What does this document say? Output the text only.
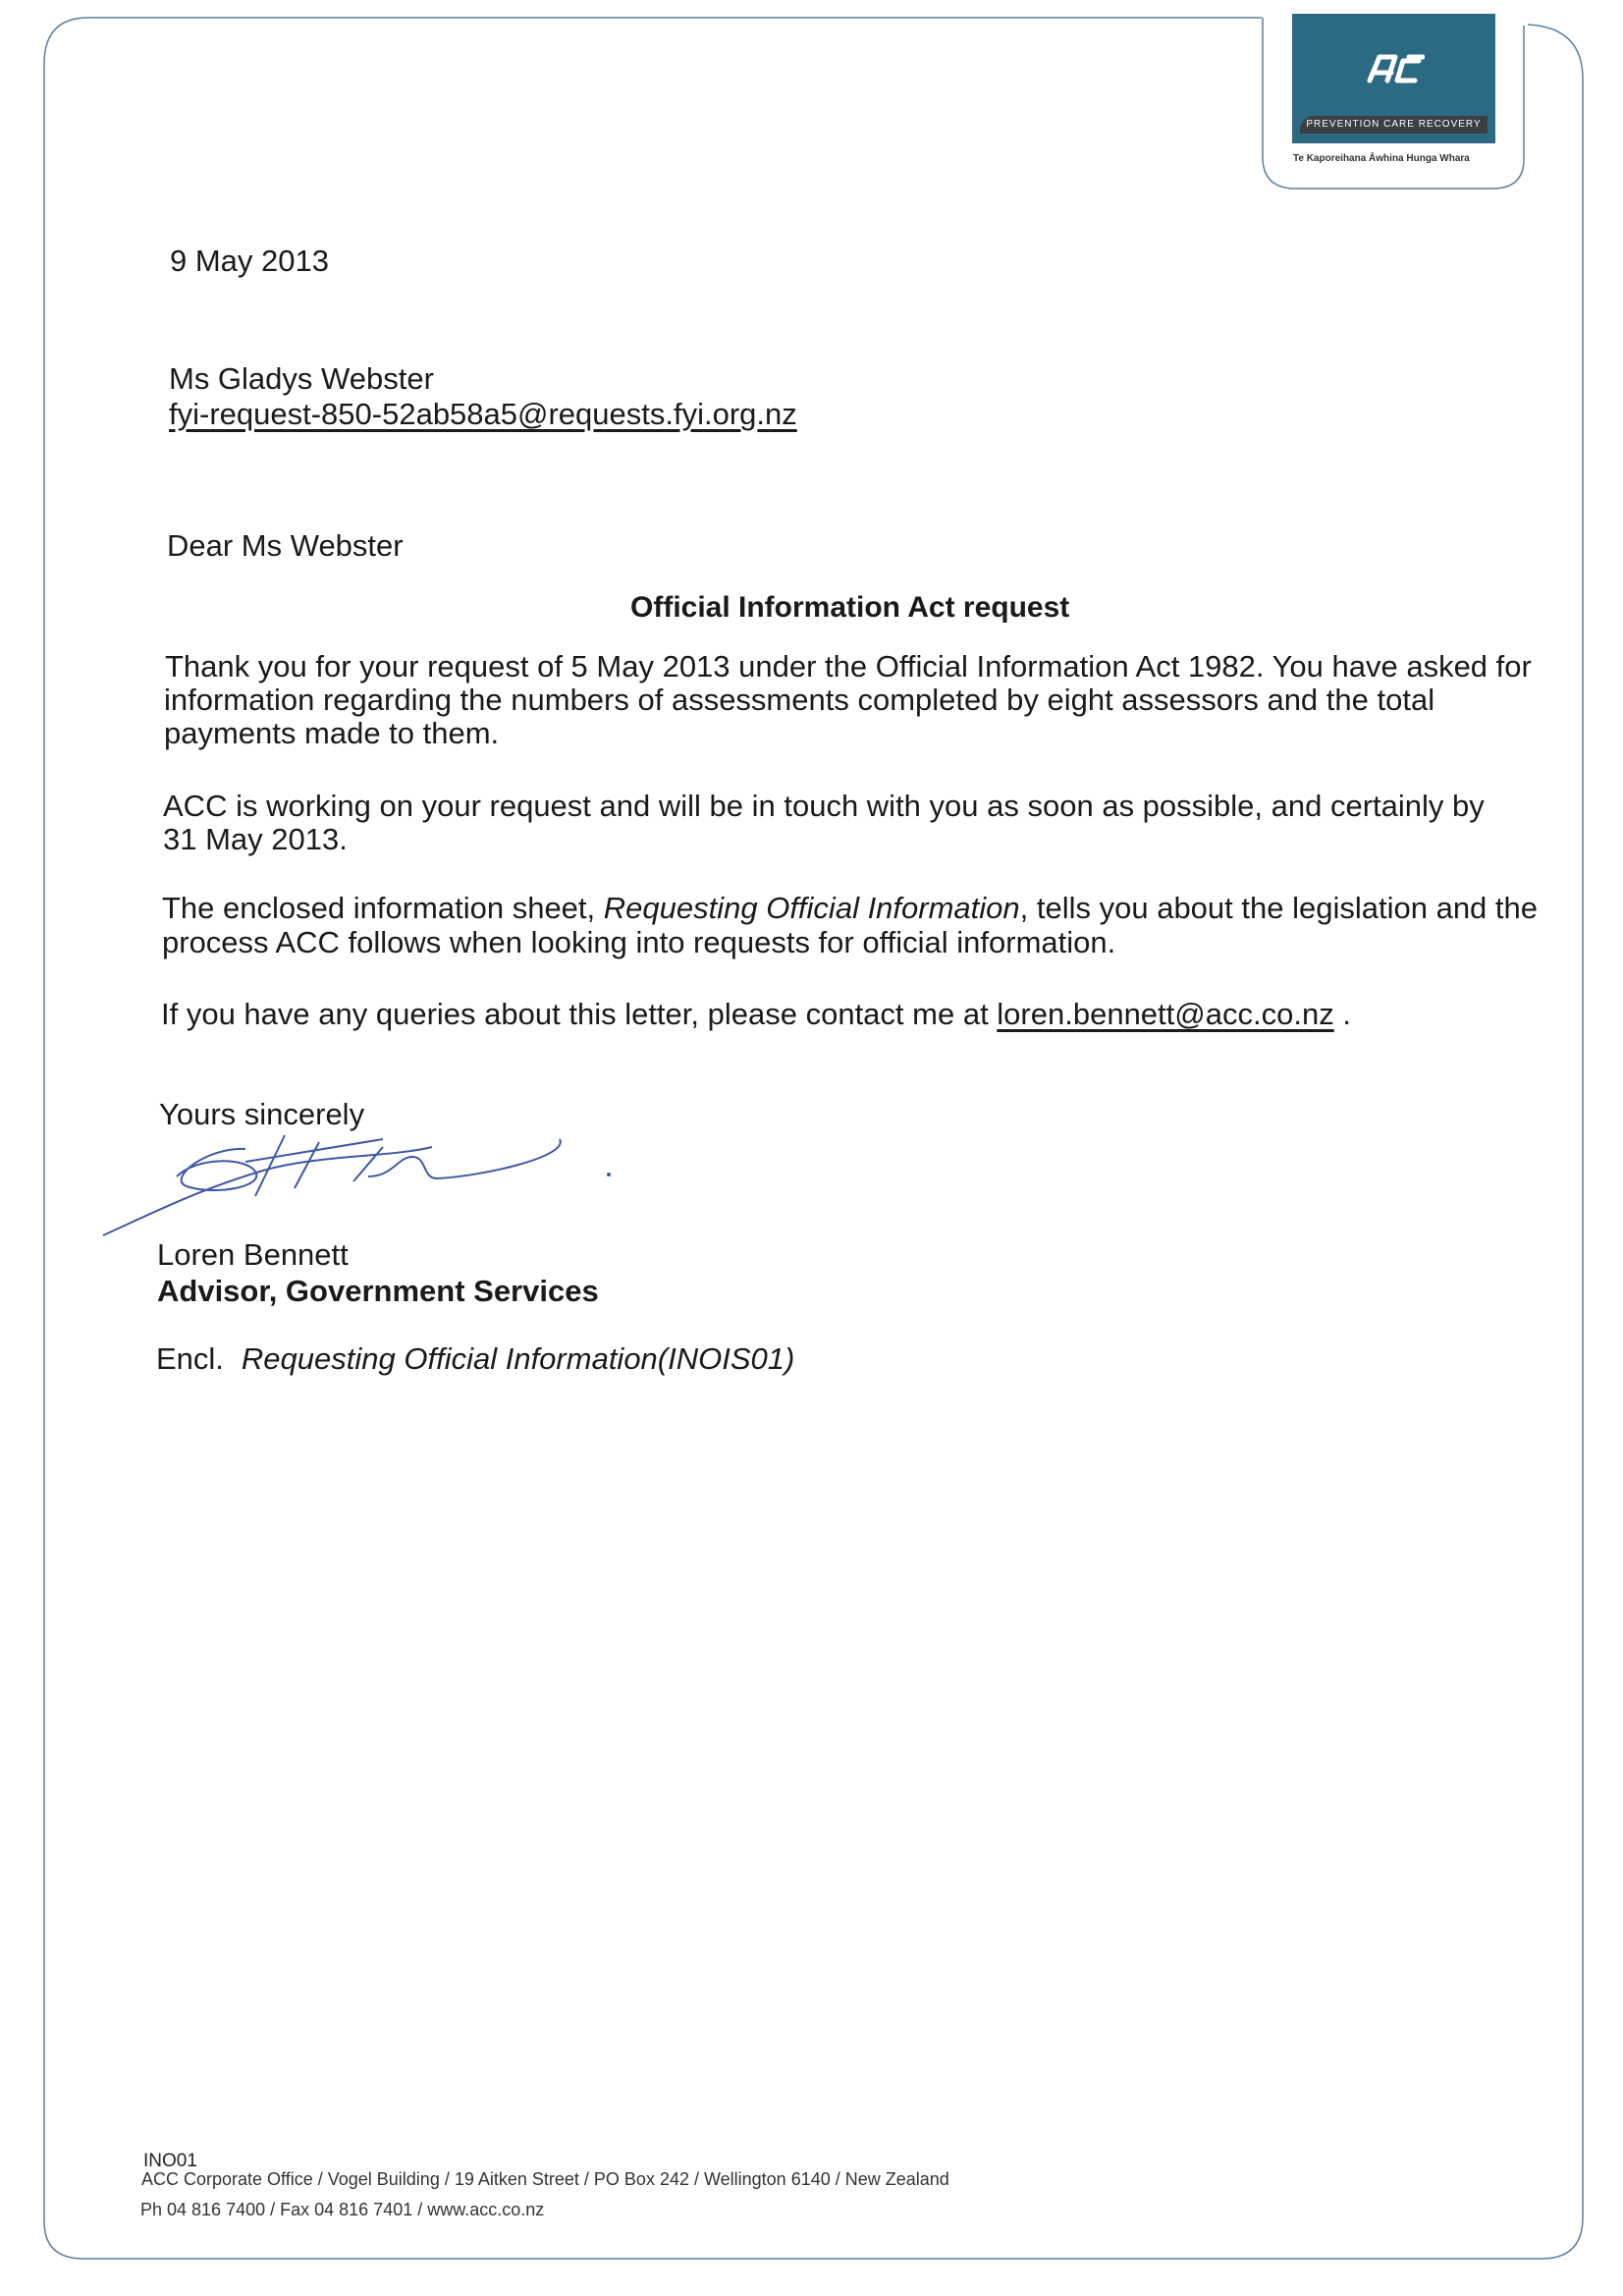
PREVENTION CARE RECOVERY
Te Kaporeihana Āwhina Hunga Whara
9 May 2013
Ms Gladys Webster
fyi-request-850-52ab58a5@requests.fyi.org.nz
Dear Ms Webster
Official Information Act request
Thank you for your request of 5 May 2013 under the Official Information Act 1982. You have asked for
information regarding the numbers of assessments completed by eight assessors and the total
payments made to them.
ACC is working on your request and will be in touch with you as soon as possible, and certainly by
31 May 2013.
The enclosed information sheet, Requesting Official Information, tells you about the legislation and the
process ACC follows when looking into requests for official information.
If you have any queries about this letter, please contact me at loren.bennett@acc.co.nz .
Yours sincerely
Loren Bennett
Advisor, Government Services
Encl. Requesting Official Information(INOIS01)
INO01
ACC Corporate Office / Vogel Building / 19 Aitken Street / PO Box 242 / Wellington 6140 / New Zealand
Ph 04 816 7400 / Fax 04 816 7401 / www.acc.co.nz
